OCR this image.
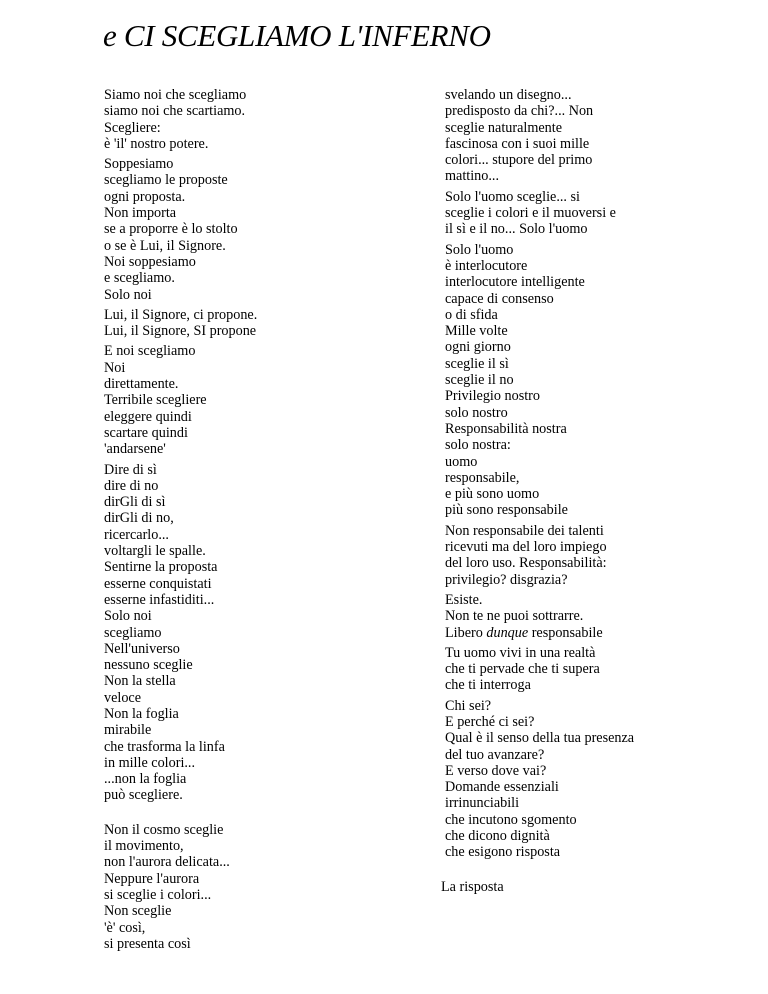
e CI SCEGLIAMO L'INFERNO
Siamo noi che scegliamo
siamo noi che scartiamo.
Scegliere:
è 'il' nostro potere.
Soppesiamo
scegliamo le proposte
ogni proposta.
Non importa
se a proporre è lo stolto
o se è Lui, il Signore.
Noi soppesiamo
e scegliamo.
Solo noi
Lui, il Signore, ci propone.
Lui, il Signore, SI propone
E noi scegliamo
Noi
direttamente.
Terribile scegliere
eleggere quindi
scartare quindi
'andarsene'
Dire di sì
dire di no
dirGli di sì
dirGli di no,
ricercarlo...
voltargli le spalle.
Sentirne la proposta
esserne conquistati
esserne infastiditi...
Solo noi
scegliamo
Nell'universo
nessuno sceglie
Non la stella
veloce
Non la foglia
mirabile
che trasforma la linfa
in mille colori...
...non la foglia
può scegliere.
Non il cosmo sceglie
il movimento,
non l'aurora delicata...
Neppure l'aurora
si sceglie i colori...
Non sceglie
'è' così,
si presenta così
svelando un disegno... predisposto da chi?... Non sceglie naturalmente fascinosa con i suoi mille colori... stupore del primo mattino...
Solo l'uomo sceglie... si sceglie i colori e il muoversi e il sì e il no... Solo l'uomo
Solo l'uomo
è interlocutore
interlocutore intelligente
capace di consenso
o di sfida
Mille volte
ogni giorno
sceglie il sì
sceglie il no
Privilegio nostro
solo nostro
Responsabilità nostra
solo nostra:
uomo
responsabile,
e più sono uomo
più sono responsabile
Non responsabile dei talenti ricevuti ma del loro impiego del loro uso. Responsabilità: privilegio? disgrazia?
Esiste.
Non te ne puoi sottrarre.
Libero dunque responsabile
Tu uomo vivi in una realtà che ti pervade che ti supera che ti interroga
Chi sei?
E perché ci sei?
Qual è il senso della tua presenza
del tuo avanzare?
E verso dove vai?
Domande essenziali
irrinunciabili
che incutono sgomento
che dicono dignità
che esigono risposta
La risposta
